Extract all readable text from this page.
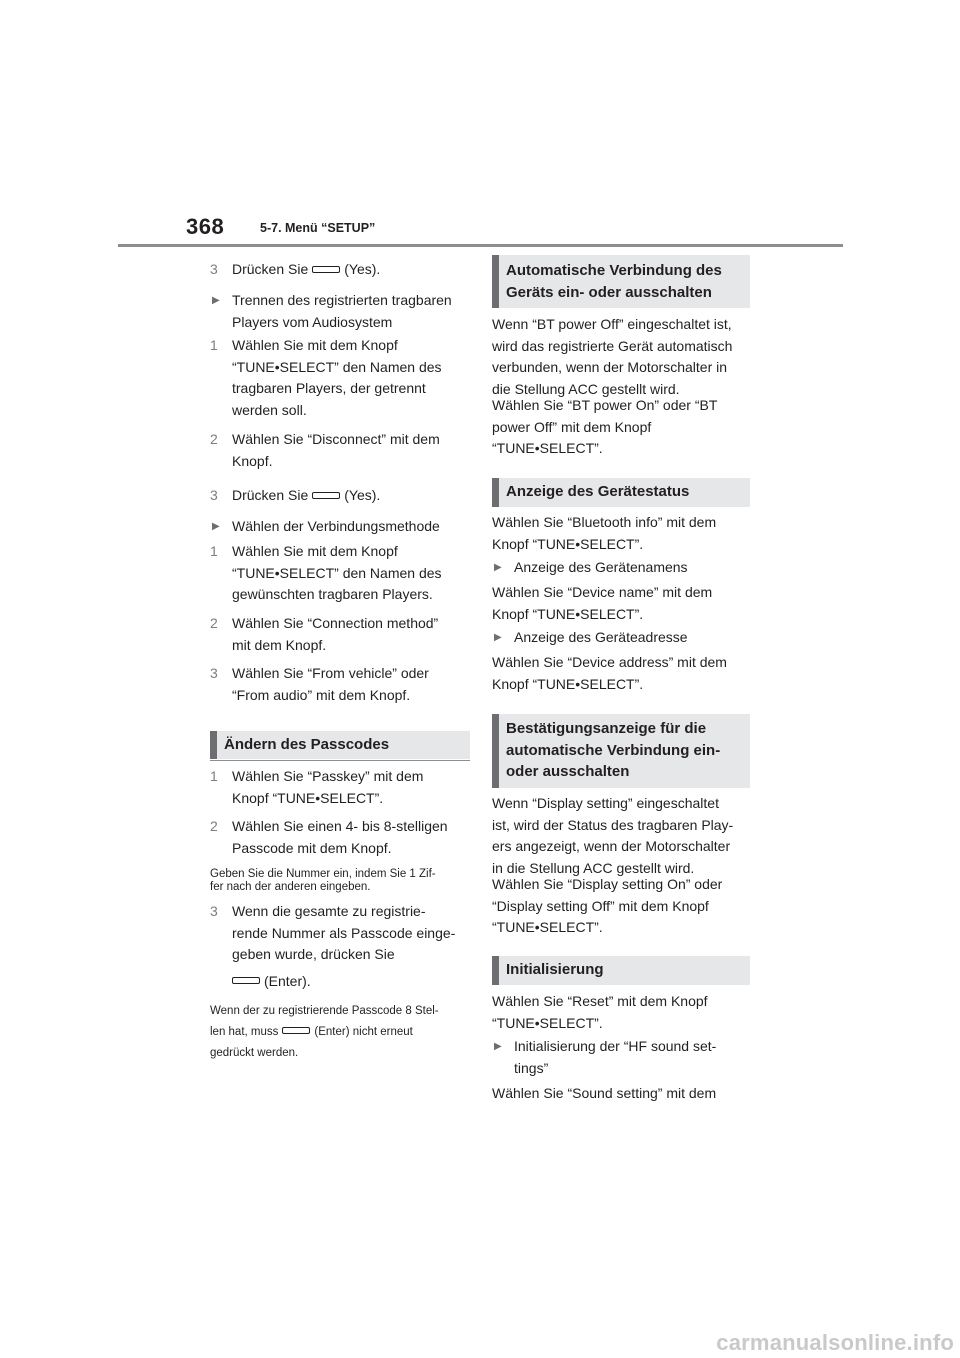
368	5-7. Menü “SETUP”
3	Drücken Sie	(Yes).
▶ Trennen des registrierten tragbaren
Players vom Audiosystem
1	Wählen Sie mit dem Knopf
“TUNE•SELECT” den Namen des
tragbaren Players, der getrennt
werden soll.
2	Wählen Sie “Disconnect” mit dem
Knopf.
3	Drücken Sie	(Yes).
▶ Wählen der Verbindungsmethode
1	Wählen Sie mit dem Knopf
“TUNE•SELECT” den Namen des
gewünschten tragbaren Players.
2	Wählen Sie “Connection method”
mit dem Knopf.
3	Wählen Sie “From vehicle” oder
“From audio” mit dem Knopf.
Ändern des Passcodes
1	Wählen Sie “Passkey” mit dem
Knopf “TUNE•SELECT”.
2	Wählen Sie einen 4- bis 8-stelligen
Passcode mit dem Knopf.
Geben Sie die Nummer ein, indem Sie 1 Zif-
fer nach der anderen eingeben.
3	Wenn die gesamte zu registrie-
rende Nummer als Passcode einge-
geben wurde, drücken Sie
(Enter).
Wenn der zu registrierende Passcode 8 Stel-
len hat, muss	(Enter) nicht erneut
gedrückt werden.
Automatische Verbindung des
Geräts ein- oder ausschalten
Wenn “BT power Off” eingeschaltet ist,
wird das registrierte Gerät automatisch
verbunden, wenn der Motorschalter in
die Stellung ACC gestellt wird.
Wählen Sie “BT power On” oder “BT
power Off” mit dem Knopf
“TUNE•SELECT”.
Anzeige des Gerätestatus
Wählen Sie “Bluetooth info” mit dem
Knopf “TUNE•SELECT”.
▶ Anzeige des Gerätenamens
Wählen Sie “Device name” mit dem
Knopf “TUNE•SELECT”.
▶ Anzeige des Geräteadresse
Wählen Sie “Device address” mit dem
Knopf “TUNE•SELECT”.
Bestätigungsanzeige für die
automatische Verbindung ein-
oder ausschalten
Wenn “Display setting” eingeschaltet
ist, wird der Status des tragbaren Play-
ers angezeigt, wenn der Motorschalter
in die Stellung ACC gestellt wird.
Wählen Sie “Display setting On” oder
“Display setting Off” mit dem Knopf
“TUNE•SELECT”.
Initialisierung
Wählen Sie “Reset” mit dem Knopf
“TUNE•SELECT”.
▶ Initialisierung der “HF sound set-
tings”
Wählen Sie “Sound setting” mit dem
carmanualsonline.info
